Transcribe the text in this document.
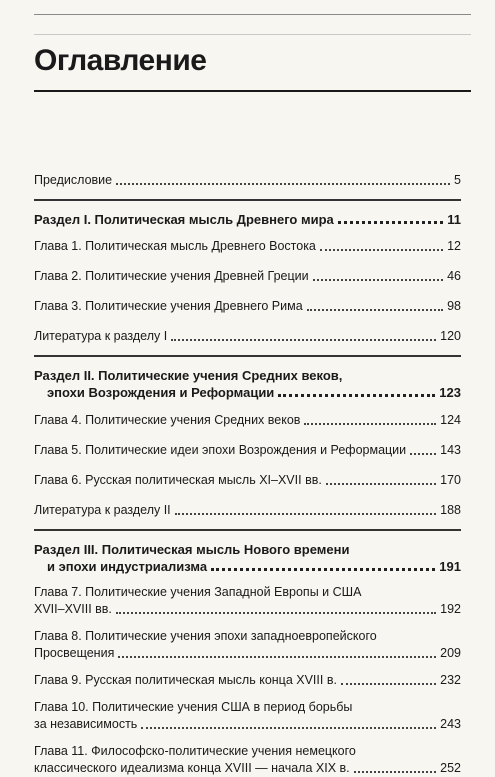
Оглавление
Предисловие	5
Раздел I. Политическая мысль Древнего мира	11
Глава 1. Политическая мысль Древнего Востока	12
Глава 2. Политические учения Древней Греции	46
Глава 3. Политические учения Древнего Рима	98
Литература к разделу I	120
Раздел II. Политические учения Средних веков,
эпохи Возрождения и Реформации	123
Глава 4. Политические учения Средних веков	124
Глава 5. Политические идеи эпохи Возрождения и Реформации	143
Глава 6. Русская политическая мысль XI–XVII вв.	170
Литература к разделу II	188
Раздел III. Политическая мысль Нового времени
и эпохи индустриализма	191
Глава 7. Политические учения Западной Европы и США
XVII–XVIII вв.	192
Глава 8. Политические учения эпохи западноевропейского
Просвещения	209
Глава 9. Русская политическая мысль конца XVIII в.	232
Глава 10. Политические учения США в период борьбы
за независимость	243
Глава 11. Философско-политические учения немецкого
классического идеализма конца XVIII — начала XIX в.	252
